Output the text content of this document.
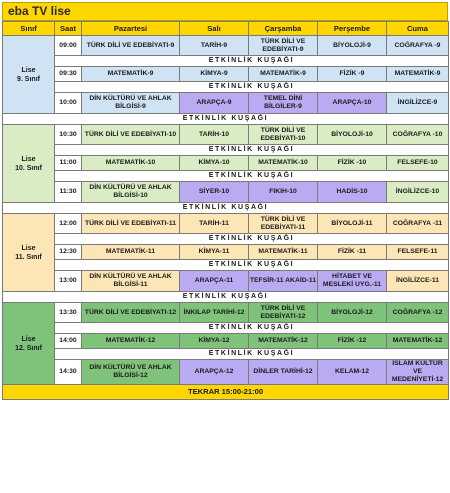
eba TV lise
Sınıf	Saat	Pazartesi	Salı	Çarşamba	Perşembe	Cuma
Lise
9. Sınıf	09:00	TÜRK DİLİ VE EDEBİYATI-9	TARİH-9	TÜRK DİLİ VE EDEBİYATI-9	BİYOLOJİ-9	COĞRAFYA -9
	ETKİNLİK KUŞAĞI					
	09:30	MATEMATİK-9	KİMYA-9	MATEMATİK-9	FİZİK -9	MATEMATİK-9
	ETKİNLİK KUŞAĞI					
	10:00	DİN KÜLTÜRÜ VE AHLAK BİLGİSİ-9	ARAPÇA-9	TEMEL DİNİ BİLGİLER-9	ARAPÇA-10	İNGİLİZCE-9
ETKİNLİK KUŞAĞI						
Lise
10. Sınıf	10:30	TÜRK DİLİ VE EDEBİYATI-10	TARİH-10	TÜRK DİLİ VE EDEBİYATI-10	BİYOLOJİ-10	COĞRAFYA -10
	ETKİNLİK KUŞAĞI					
	11:00	MATEMATİK-10	KİMYA-10	MATEMATİK-10	FİZİK -10	FELSEFE-10
	ETKİNLİK KUŞAĞI					
	11:30	DİN KÜLTÜRÜ VE AHLAK BİLGİSİ-10	SİYER-10	FIKIH-10	HADİS-10	İNGİLİZCE-10
ETKİNLİK KUŞAĞI						
Lise
11. Sınıf	12:00	TÜRK DİLİ VE EDEBİYATI-11	TARİH-11	TÜRK DİLİ VE EDEBİYATI-11	BİYOLOJİ-11	COĞRAFYA -11
	ETKİNLİK KUŞAĞI					
	12:30	MATEMATİK-11	KİMYA-11	MATEMATİK-11	FİZİK -11	FELSEFE-11
	ETKİNLİK KUŞAĞI					
	13:00	DİN KÜLTÜRÜ VE AHLAK BİLGİSİ-11	ARAPÇA-11	TEFSİR-11 AKAİD-11	HİTABET VE MESLEKİ UYG.-11	İNGİLİZCE-11
ETKİNLİK KUŞAĞI						
Lise
12. Sınıf	13:30	TÜRK DİLİ VE EDEBİYATI-12	İNKILAP TARİHİ-12	TÜRK DİLİ VE EDEBİYATI-12	BİYOLOJİ-12	COĞRAFYA -12
	ETKİNLİK KUŞAĞI					
	14:00	MATEMATİK-12	KİMYA-12	MATEMATİK-12	FİZİK -12	MATEMATİK-12
	ETKİNLİK KUŞAĞI					
	14:30	DİN KÜLTÜRÜ VE AHLAK BİLGİSİ-12	ARAPÇA-12	DİNLER TARİHİ-12	KELAM-12	İSLAM KÜLTÜR VE MEDENİYETİ-12
TEKRAR 15:00-21:00						
